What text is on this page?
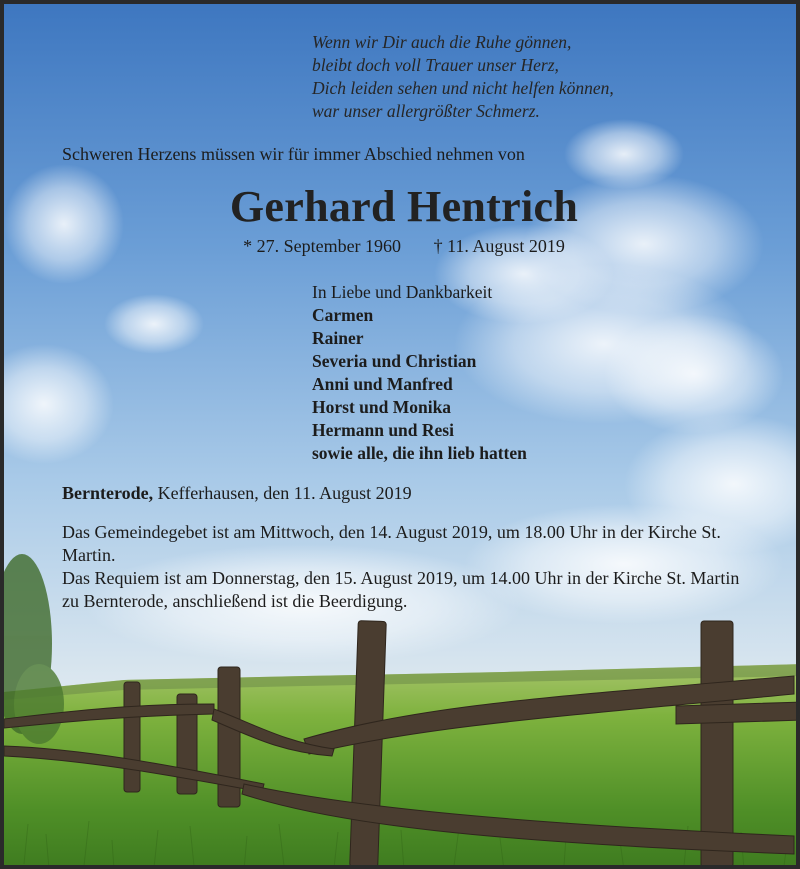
Wenn wir Dir auch die Ruhe gönnen,
bleibt doch voll Trauer unser Herz,
Dich leiden sehen und nicht helfen können,
war unser allergrößter Schmerz.
Schweren Herzens müssen wir für immer Abschied nehmen von
Gerhard Hentrich
* 27. September 1960 † 11. August 2019
In Liebe und Dankbarkeit
Carmen
Rainer
Severia und Christian
Anni und Manfred
Horst und Monika
Hermann und Resi
sowie alle, die ihn lieb hatten
Bernterode, Kefferhausen, den 11. August 2019
Das Gemeindegebet ist am Mittwoch, den 14. August 2019, um 18.00 Uhr in der Kirche St. Martin.
Das Requiem ist am Donnerstag, den 15. August 2019, um 14.00 Uhr in der Kirche St. Martin zu Bernterode, anschließend ist die Beerdigung.
